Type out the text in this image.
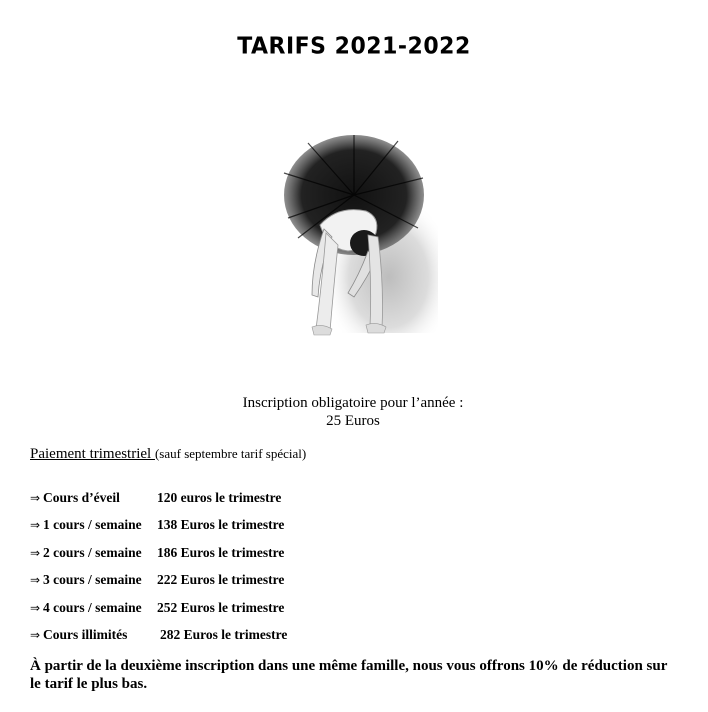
TARIFS 2021-2022
Inscription obligatoire pour l’année :
25 Euros
Paiement trimestriel (sauf septembre tarif spécial)
⇒ Cours d’éveil	120 euros le trimestre
⇒ 1 cours / semaine 138 Euros le trimestre
⇒ 2 cours / semaine 186 Euros le trimestre
⇒ 3 cours / semaine 222 Euros le trimestre
⇒ 4 cours / semaine 252 Euros le trimestre
⇒ Cours illimités 282 Euros le trimestre
À partir de la deuxième inscription dans une même famille, nous vous offrons 10% de réduction sur le tarif le plus bas.
